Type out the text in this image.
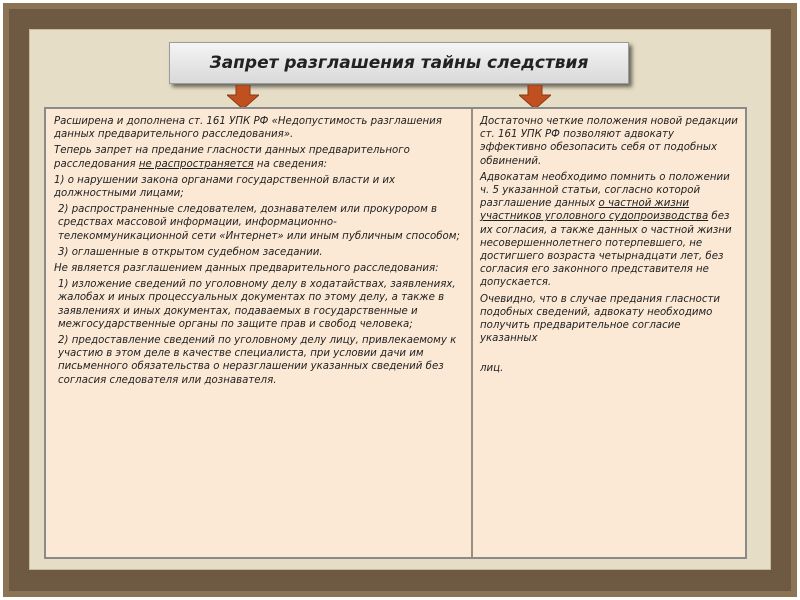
Запрет разглашения тайны следствия

Расширена и дополнена ст. 161 УПК РФ «Недопустимость разглашения данных предварительного расследования».

Теперь запрет на предание гласности данных предварительного расследования не распространяется на сведения:

1) о нарушении закона органами государственной власти и их должностными лицами;

2) распространенные следователем, дознавателем или прокурором в средствах массовой информации, информационно- телекоммуникационной сети «Интернет» или иным публичным способом;

3) оглашенные в открытом судебном заседании.

Не является разглашением данных предварительного расследования:

1) изложение сведений по уголовному делу в ходатайствах, заявлениях, жалобах и иных процессуальных документах по этому делу, а также в заявлениях и иных документах, подаваемых в государственные и межгосударственные органы по защите прав и свобод человека;

2) предоставление сведений по уголовному делу лицу, привлекаемому к участию в этом деле в качестве специалиста, при условии дачи им письменного обязательства о неразглашении указанных сведений без согласия следователя или дознавателя.

Достаточно четкие положения новой редакции ст. 161 УПК РФ позволяют адвокату эффективно обезопасить себя от подобных обвинений.

Адвокатам необходимо помнить о положении ч. 5 указанной статьи, согласно которой разглашение данных о частной жизни участников уголовного судопроизводства без их согласия, а также данных о частной жизни несовершеннолетнего потерпевшего, не достигшего возраста четырнадцати лет, без согласия его законного представителя не допускается.

Очевидно, что в случае предания гласности подобных сведений, адвокату необходимо получить предварительное согласие указанных

лиц.
